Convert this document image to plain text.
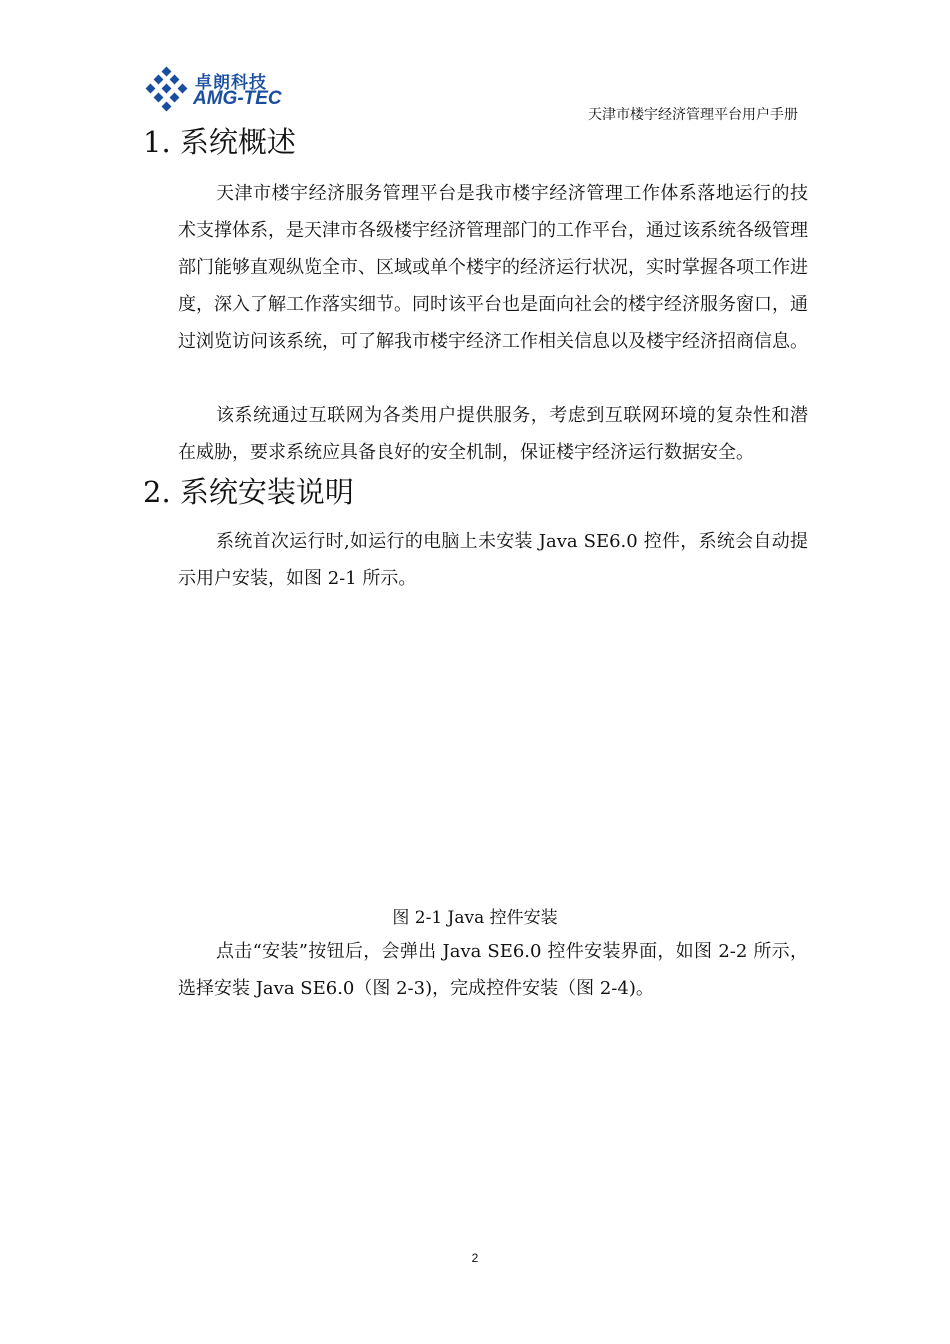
卓朗科技
AMG-TEC
天津市楼宇经济管理平台用户手册
1. 系统概述

天津市楼宇经济服务管理平台是我市楼宇经济管理工作体系落地运行的技术支撑体系，是天津市各级楼宇经济管理部门的工作平台，通过该系统各级管理部门能够直观纵览全市、区域或单个楼宇的经济运行状况，实时掌握各项工作进度，深入了解工作落实细节。同时该平台也是面向社会的楼宇经济服务窗口，通过浏览访问该系统，可了解我市楼宇经济工作相关信息以及楼宇经济招商信息。

该系统通过互联网为各类用户提供服务，考虑到互联网环境的复杂性和潜在威胁，要求系统应具备良好的安全机制，保证楼宇经济运行数据安全。

2. 系统安装说明

系统首次运行时,如运行的电脑上未安装 Java SE6.0 控件，系统会自动提示用户安装，如图 2-1 所示。

图 2-1 Java 控件安装

点击“安装”按钮后，会弹出 Java SE6.0 控件安装界面，如图 2-2 所示，选择安装 Java SE6.0（图 2-3)，完成控件安装（图 2-4)。

2
